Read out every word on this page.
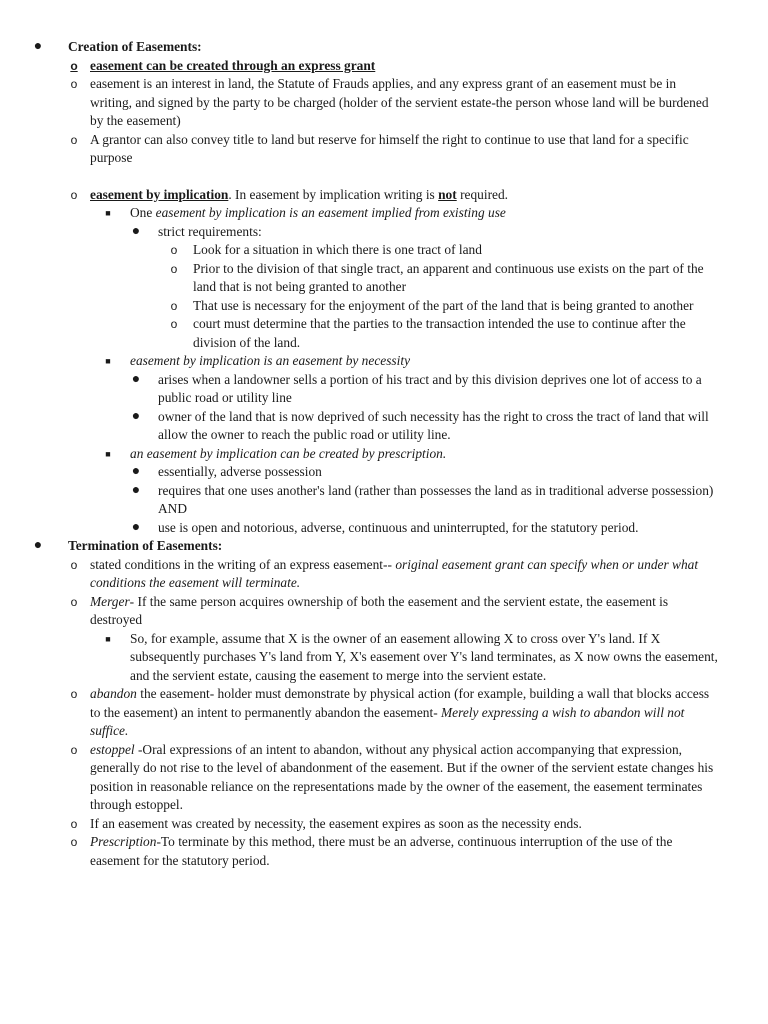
●	Creation of Easements:
o easement can be created through an express grant
o easement is an interest in land, the Statute of Frauds applies, and any express grant of an easement must be in writing, and signed by the party to be charged (holder of the servient estate-the person whose land will be burdened by the easement)
o A grantor can also convey title to land but reserve for himself the right to continue to use that land for a specific purpose
o easement by implication. In easement by implication writing is not required.
■	One easement by implication is an easement implied from existing use
● strict requirements:
o	Look for a situation in which there is one tract of land
o	Prior to the division of that single tract, an apparent and continuous use exists on the part of the land that is not being granted to another
o	That use is necessary for the enjoyment of the part of the land that is being granted to another
o	court must determine that the parties to the transaction intended the use to continue after the division of the land.
■	easement by implication is an easement by necessity
● arises when a landowner sells a portion of his tract and by this division deprives one lot of access to a public road or utility line
● owner of the land that is now deprived of such necessity has the right to cross the tract of land that will allow the owner to reach the public road or utility line.
■	an easement by implication can be created by prescription.
● essentially, adverse possession
● requires that one uses another's land (rather than possesses the land as in traditional adverse possession) AND
● use is open and notorious, adverse, continuous and uninterrupted, for the statutory period.
●	Termination of Easements:
o stated conditions in the writing of an express easement-- original easement grant can specify when or under what conditions the easement will terminate.
o Merger- If the same person acquires ownership of both the easement and the servient estate, the easement is destroyed
■	So, for example, assume that X is the owner of an easement allowing X to cross over Y's land. If X subsequently purchases Y's land from Y, X's easement over Y's land terminates, as X now owns the easement, and the servient estate, causing the easement to merge into the servient estate.
o abandon the easement- holder must demonstrate by physical action (for example, building a wall that blocks access to the easement) an intent to permanently abandon the easement- Merely expressing a wish to abandon will not suffice.
o estoppel -Oral expressions of an intent to abandon, without any physical action accompanying that expression, generally do not rise to the level of abandonment of the easement. But if the owner of the servient estate changes his position in reasonable reliance on the representations made by the owner of the easement, the easement terminates through estoppel.
o If an easement was created by necessity, the easement expires as soon as the necessity ends.
o Prescription-To terminate by this method, there must be an adverse, continuous interruption of the use of the easement for the statutory period.
